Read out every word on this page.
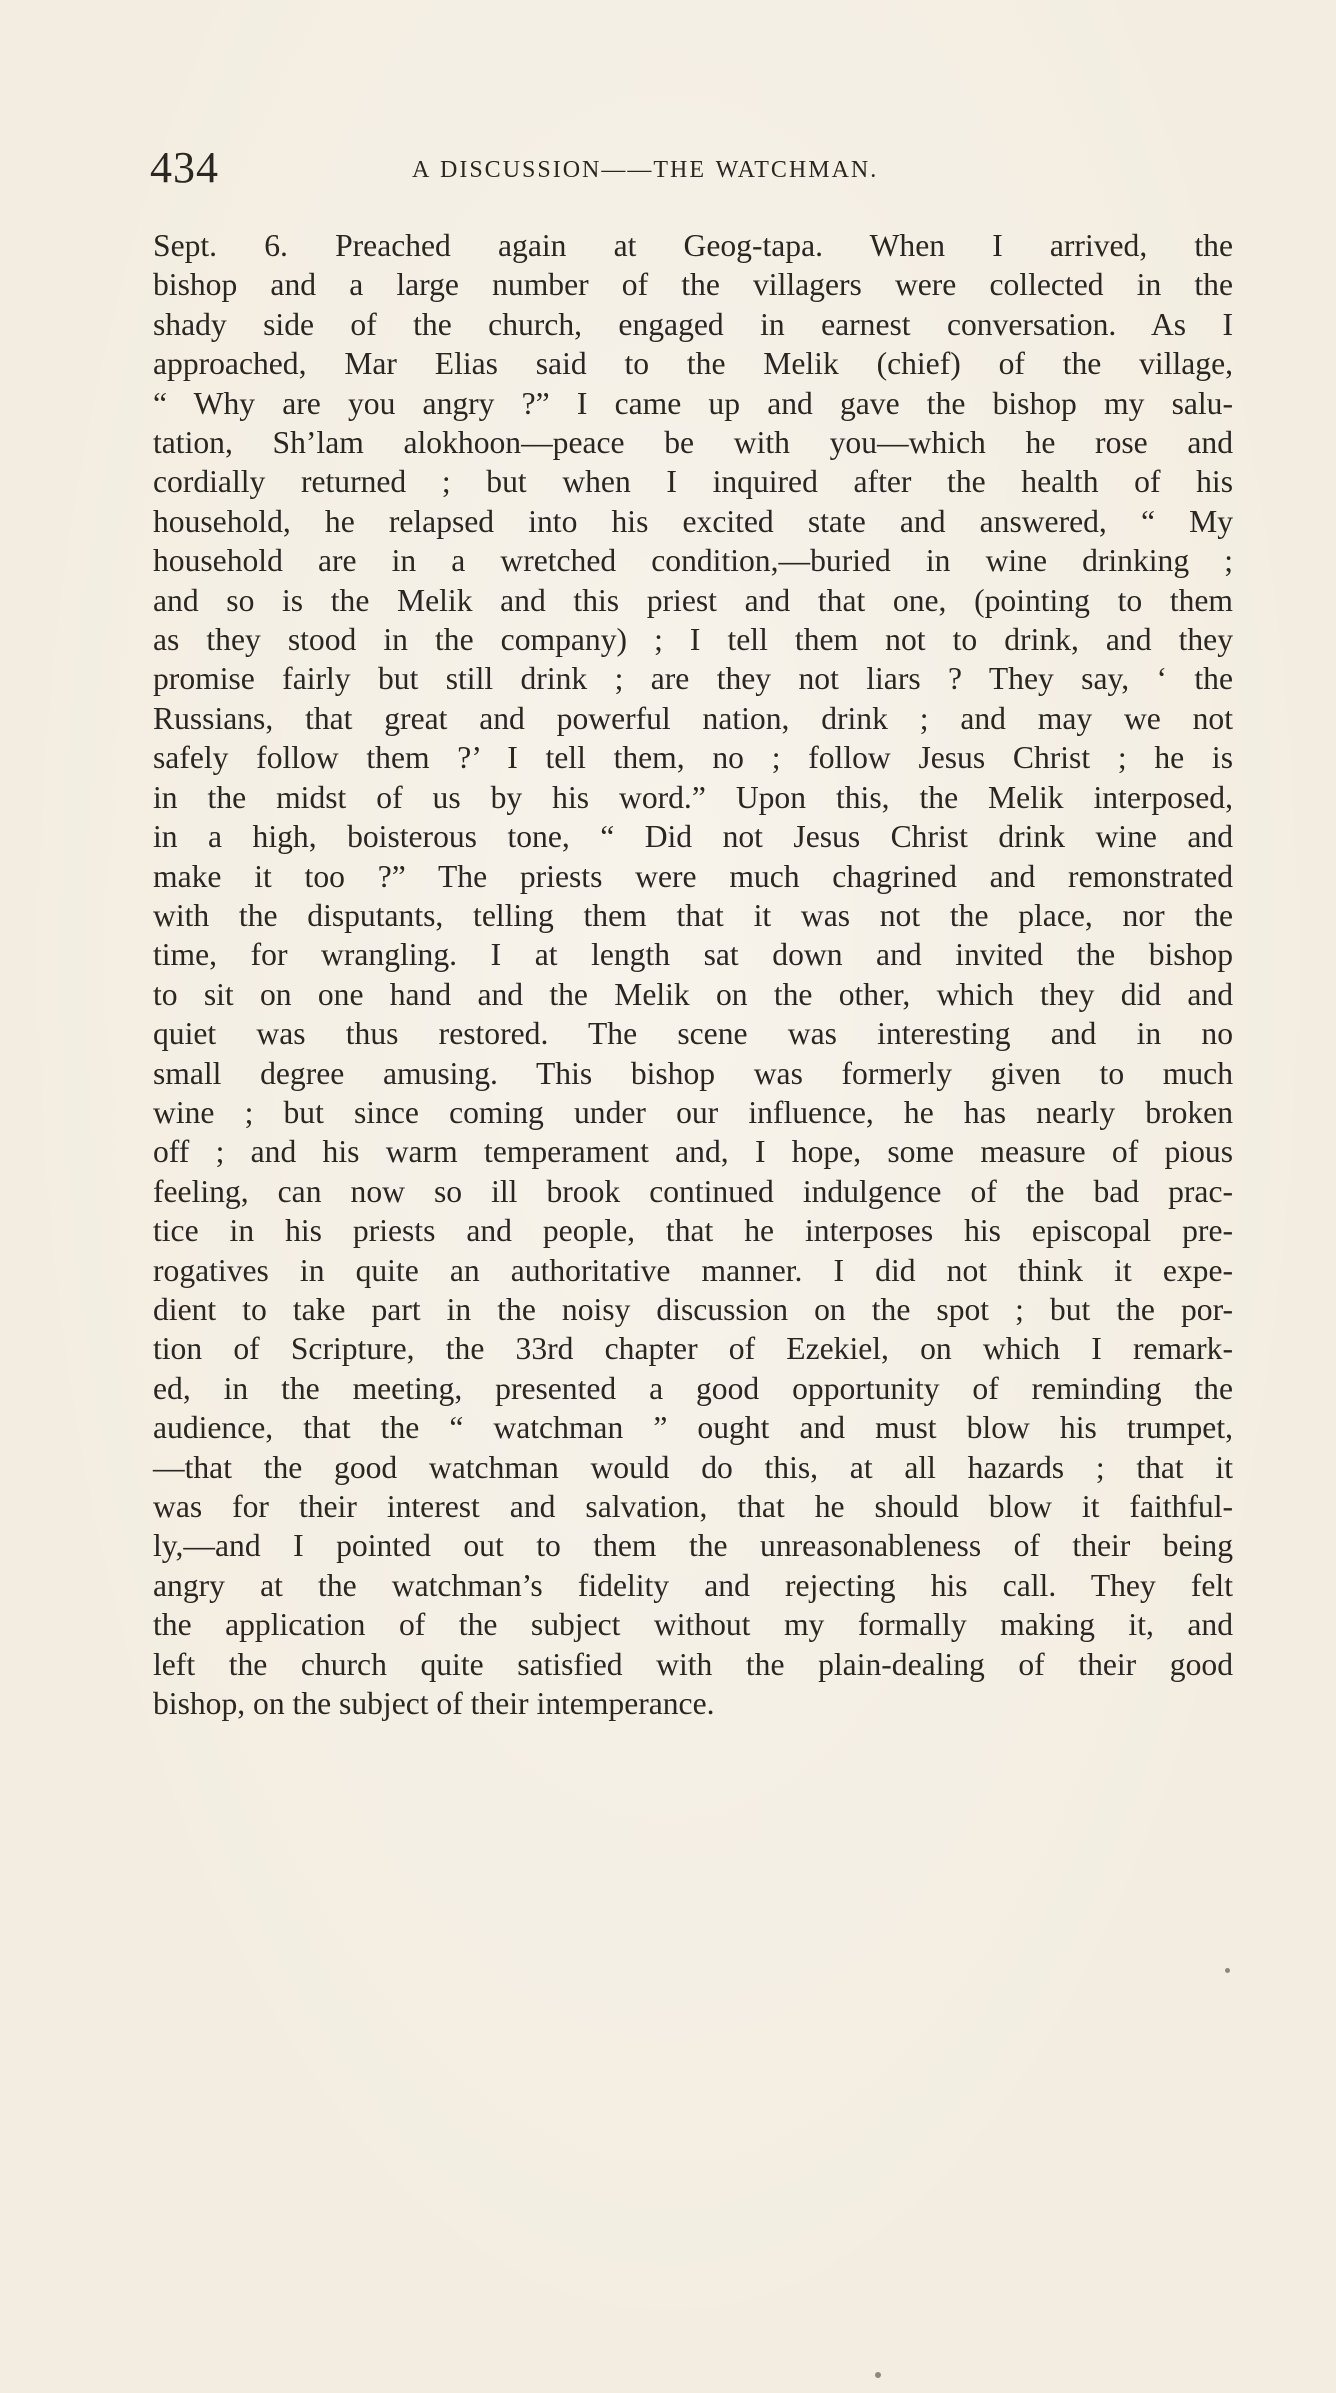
434	A DISCUSSION——THE WATCHMAN.
Sept. 6. Preached again at Geog-tapa. When I arrived, the
bishop and a large number of the villagers were collected in the
shady side of the church, engaged in earnest conversation. As I
approached, Mar Elias said to the Melik (chief) of the village,
“ Why are you angry ?” I came up and gave the bishop my salu-
tation, Sh’lam alokhoon—peace be with you—which he rose and
cordially returned ; but when I inquired after the health of his
household, he relapsed into his excited state and answered, “ My
household are in a wretched condition,—buried in wine drinking ;
and so is the Melik and this priest and that one, (pointing to them
as they stood in the company) ; I tell them not to drink, and they
promise fairly but still drink ; are they not liars ? They say, ‘ the
Russians, that great and powerful nation, drink ; and may we not
safely follow them ?’ I tell them, no ; follow Jesus Christ ; he is
in the midst of us by his word.” Upon this, the Melik interposed,
in a high, boisterous tone, “ Did not Jesus Christ drink wine and
make it too ?” The priests were much chagrined and remonstrated
with the disputants, telling them that it was not the place, nor the
time, for wrangling. I at length sat down and invited the bishop
to sit on one hand and the Melik on the other, which they did and
quiet was thus restored. The scene was interesting and in no
small degree amusing. This bishop was formerly given to much
wine ; but since coming under our influence, he has nearly broken
off ; and his warm temperament and, I hope, some measure of pious
feeling, can now so ill brook continued indulgence of the bad prac-
tice in his priests and people, that he interposes his episcopal pre-
rogatives in quite an authoritative manner. I did not think it expe-
dient to take part in the noisy discussion on the spot ; but the por-
tion of Scripture, the 33rd chapter of Ezekiel, on which I remark-
ed, in the meeting, presented a good opportunity of reminding the
audience, that the “ watchman ” ought and must blow his trumpet,
—that the good watchman would do this, at all hazards ; that it
was for their interest and salvation, that he should blow it faithful-
ly,—and I pointed out to them the unreasonableness of their being
angry at the watchman’s fidelity and rejecting his call. They felt
the application of the subject without my formally making it, and
left the church quite satisfied with the plain-dealing of their good
bishop, on the subject of their intemperance.
